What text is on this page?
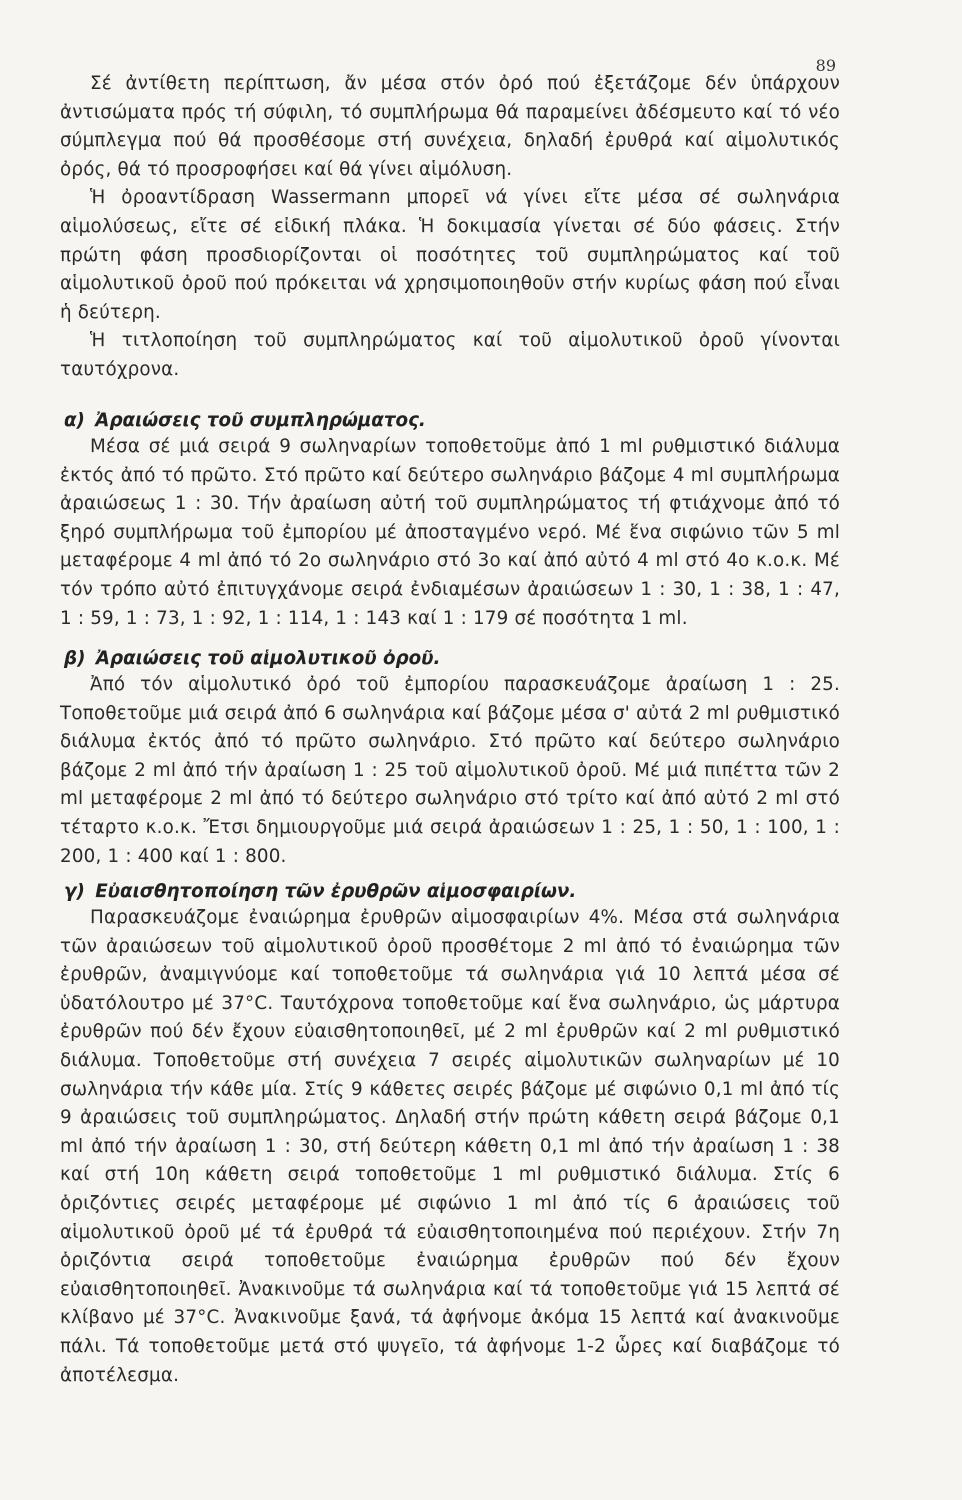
89

Σέ ἀντίθετη περίπτωση, ἄν μέσα στόν ὀρό πού ἐξετάζομε δέν ὑπάρχουν ἀντισώματα πρός τή σύφιλη, τό συμπλήρωμα θά παραμείνει ἀδέσμευτο καί τό νέο σύμπλεγμα πού θά προσθέσομε στή συνέχεια, δηλαδή ἐρυθρά καί αἱμολυτικός ὀρός, θά τό προσροφήσει καί θά γίνει αἱμόλυση.

Ἡ ὀροαντίδραση Wassermann μπορεῖ νά γίνει εἴτε μέσα σέ σωληνάρια αἱμολύσεως, εἴτε σέ εἰδική πλάκα. Ἡ δοκιμασία γίνεται σέ δύο φάσεις. Στήν πρώτη φάση προσδιορίζονται οἱ ποσότητες τοῦ συμπληρώματος καί τοῦ αἱμολυτικοῦ ὀροῦ πού πρόκειται νά χρησιμοποιηθοῦν στήν κυρίως φάση πού εἶναι ἡ δεύτερη.

Ἡ τιτλοποίηση τοῦ συμπληρώματος καί τοῦ αἱμολυτικοῦ ὀροῦ γίνονται ταυτόχρονα.

α) Ἀραιώσεις τοῦ συμπληρώματος.

Μέσα σέ μιά σειρά 9 σωληναρίων τοποθετοῦμε ἀπό 1 ml ρυθμιστικό διάλυμα ἐκτός ἀπό τό πρῶτο. Στό πρῶτο καί δεύτερο σωληνάριο βάζομε 4 ml συμπλήρωμα ἀραιώσεως 1 : 30. Τήν ἀραίωση αὐτή τοῦ συμπληρώματος τή φτιάχνομε ἀπό τό ξηρό συμπλήρωμα τοῦ ἐμπορίου μέ ἀποσταγμένο νερό. Μέ ἕνα σιφώνιο τῶν 5 ml μεταφέρομε 4 ml ἀπό τό 2ο σωληνάριο στό 3ο καί ἀπό αὐτό 4 ml στό 4ο κ.ο.κ. Μέ τόν τρόπο αὐτό ἐπιτυγχάνομε σειρά ἐνδιαμέσων ἀραιώσεων 1 : 30, 1 : 38, 1 : 47, 1 : 59, 1 : 73, 1 : 92, 1 : 114, 1 : 143 καί 1 : 179 σέ ποσότητα 1 ml.

β) Ἀραιώσεις τοῦ αἱμολυτικοῦ ὀροῦ.

Ἀπό τόν αἱμολυτικό ὀρό τοῦ ἐμπορίου παρασκευάζομε ἀραίωση 1 : 25. Τοποθετοῦμε μιά σειρά ἀπό 6 σωληνάρια καί βάζομε μέσα σ' αὐτά 2 ml ρυθμιστικό διάλυμα ἐκτός ἀπό τό πρῶτο σωληνάριο. Στό πρῶτο καί δεύτερο σωληνάριο βάζομε 2 ml ἀπό τήν ἀραίωση 1 : 25 τοῦ αἱμολυτικοῦ ὀροῦ. Μέ μιά πιπέττα τῶν 2 ml μεταφέρομε 2 ml ἀπό τό δεύτερο σωληνάριο στό τρίτο καί ἀπό αὐτό 2 ml στό τέταρτο κ.ο.κ. Ἔτσι δημιουργοῦμε μιά σειρά ἀραιώσεων 1 : 25, 1 : 50, 1 : 100, 1 : 200, 1 : 400 καί 1 : 800.

γ) Εὐαισθητοποίηση τῶν ἐρυθρῶν αἱμοσφαιρίων.

Παρασκευάζομε ἐναιώρημα ἐρυθρῶν αἱμοσφαιρίων 4%. Μέσα στά σωληνάρια τῶν ἀραιώσεων τοῦ αἱμολυτικοῦ ὀροῦ προσθέτομε 2 ml ἀπό τό ἐναιώρημα τῶν ἐρυθρῶν, ἀναμιγνύομε καί τοποθετοῦμε τά σωληνάρια γιά 10 λεπτά μέσα σέ ὑδατόλουτρο μέ 37°C. Ταυτόχρονα τοποθετοῦμε καί ἕνα σωληνάριο, ὡς μάρτυρα ἐρυθρῶν πού δέν ἔχουν εὐαισθητοποιηθεῖ, μέ 2 ml ἐρυθρῶν καί 2 ml ρυθμιστικό διάλυμα. Τοποθετοῦμε στή συνέχεια 7 σειρές αἱμολυτικῶν σωληναρίων μέ 10 σωληνάρια τήν κάθε μία. Στίς 9 κάθετες σειρές βάζομε μέ σιφώνιο 0,1 ml ἀπό τίς 9 ἀραιώσεις τοῦ συμπληρώματος. Δηλαδή στήν πρώτη κάθετη σειρά βάζομε 0,1 ml ἀπό τήν ἀραίωση 1 : 30, στή δεύτερη κάθετη 0,1 ml ἀπό τήν ἀραίωση 1 : 38 καί στή 10η κάθετη σειρά τοποθετοῦμε 1 ml ρυθμιστικό διάλυμα. Στίς 6 ὁριζόντιες σειρές μεταφέρομε μέ σιφώνιο 1 ml ἀπό τίς 6 ἀραιώσεις τοῦ αἱμολυτικοῦ ὀροῦ μέ τά ἐρυθρά τά εὐαισθητοποιημένα πού περιέχουν. Στήν 7η ὁριζόντια σειρά τοποθετοῦμε ἐναιώρημα ἐρυθρῶν πού δέν ἔχουν εὐαισθητοποιηθεῖ. Ἀνακινοῦμε τά σωληνάρια καί τά τοποθετοῦμε γιά 15 λεπτά σέ κλίβανο μέ 37°C. Ἀνακινοῦμε ξανά, τά ἀφήνομε ἀκόμα 15 λεπτά καί ἀνακινοῦμε πάλι. Τά τοποθετοῦμε μετά στό ψυγεῖο, τά ἀφήνομε 1-2 ὧρες καί διαβάζομε τό ἀποτέλεσμα.
